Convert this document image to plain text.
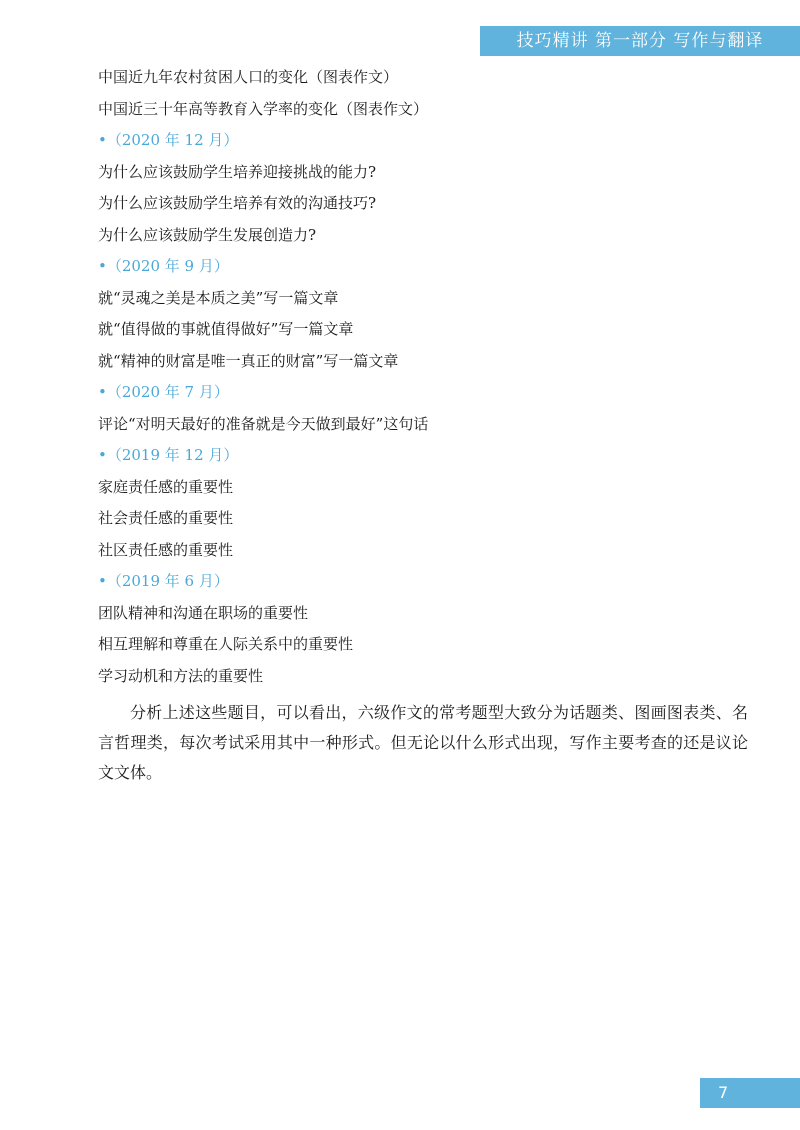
技巧精讲 第一部分 写作与翻译
中国近九年农村贫困人口的变化（图表作文）
中国近三十年高等教育入学率的变化（图表作文）
•（2020 年 12 月）
为什么应该鼓励学生培养迎接挑战的能力?
为什么应该鼓励学生培养有效的沟通技巧?
为什么应该鼓励学生发展创造力?
•（2020 年 9 月）
就“灵魂之美是本质之美”写一篇文章
就“值得做的事就值得做好”写一篇文章
就“精神的财富是唯一真正的财富”写一篇文章
•（2020 年 7 月）
评论“对明天最好的准备就是今天做到最好”这句话
•（2019 年 12 月）
家庭责任感的重要性
社会责任感的重要性
社区责任感的重要性
•（2019 年 6 月）
团队精神和沟通在职场的重要性
相互理解和尊重在人际关系中的重要性
学习动机和方法的重要性

分析上述这些题目，可以看出，六级作文的常考题型大致分为话题类、图画图表类、名言哲理类，每次考试采用其中一种形式。但无论以什么形式出现，写作主要考查的还是议论文文体。

7
